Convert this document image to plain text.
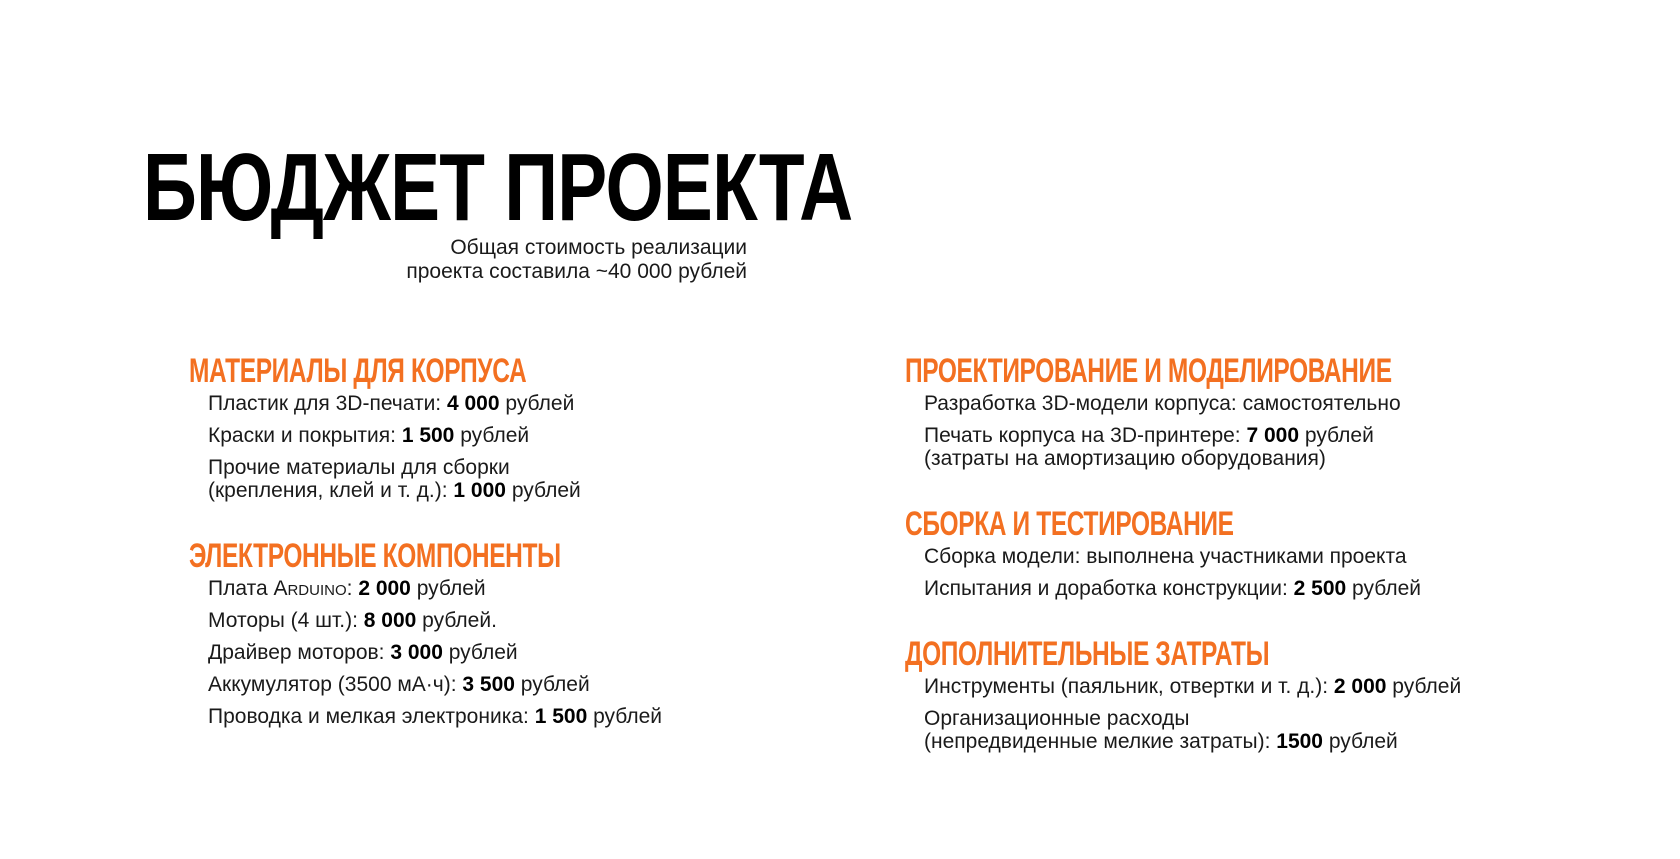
БЮДЖЕТ ПРОЕКТА
Общая стоимость реализации
проекта составила ~40 000 рублей
МАТЕРИАЛЫ ДЛЯ КОРПУСА
Пластик для 3D-печати: 4 000 рублей
Краски и покрытия: 1 500 рублей
Прочие материалы для сборки
(крепления, клей и т. д.): 1 000 рублей
ЭЛЕКТРОННЫЕ КОМПОНЕНТЫ
Плата Arduino: 2 000 рублей
Моторы (4 шт.): 8 000 рублей.
Драйвер моторов: 3 000 рублей
Аккумулятор (3500 мА·ч): 3 500 рублей
Проводка и мелкая электроника: 1 500 рублей
ПРОЕКТИРОВАНИЕ И МОДЕЛИРОВАНИЕ
Разработка 3D-модели корпуса: самостоятельно
Печать корпуса на 3D-принтере: 7 000 рублей
(затраты на амортизацию оборудования)
СБОРКА И ТЕСТИРОВАНИЕ
Сборка модели: выполнена участниками проекта
Испытания и доработка конструкции: 2 500 рублей
ДОПОЛНИТЕЛЬНЫЕ ЗАТРАТЫ
Инструменты (паяльник, отвертки и т. д.): 2 000 рублей
Организационные расходы
(непредвиденные мелкие затраты): 1500 рублей
